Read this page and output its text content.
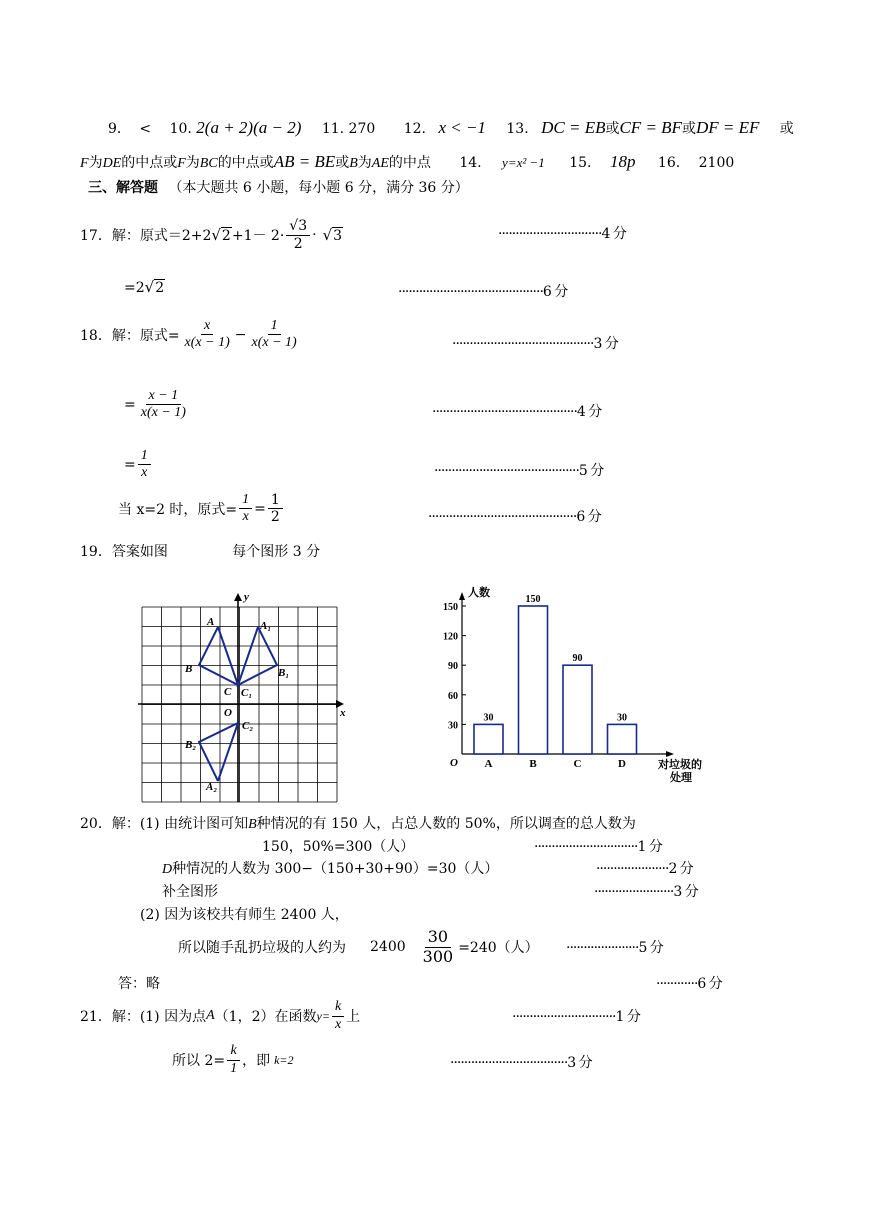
9． < 10. 2(a + 2)(a − 2) 11. 270 12. x < −1 13. DC = EB或CF = BF或DF = EF 或
F为DE的中点或F为BC的中点或AB = BE或B为AE的中点 14. y=x² −1 15. 18p 16. 2100
三、解答题 （本大题共 6 小题，每小题 6 分，满分 36 分）
17．解：原式＝2+2 √ $2 +1- 2\cdot \frac{√3}{2}$ · √ 3	······························4 分
=2√2	··········································6 分
18．解：原式= $\frac{x}{x(x - 1)} - \frac{1}{x(x - 1)}$	·········································3 分
= $\frac{x - 1}{x(x - 1)}$	··········································4 分
= $\frac{1}{x}$	··········································5 分
当 x=2 时，原式= $\frac{1}{x} = \frac{1}{2}$	···········································6 分
19．答案如图	每个图形 3 分
y
x
O
A
B
C
A₁
B₁
C₁
A₂
B₂
C₂
人数
O
30
60
90
120
150
30
A
150
B
90
C
30
D	对垃圾的
处理
20．解：(1) 由统计图可知B种情况的有 150 人，占总人数的 50%，所以调查的总人数为
150，50%=300（人）	······························1 分
D种情况的人数为 300−（150+30+90）=30（人）	·····················2 分
补全图形	·······················3 分
(2) 因为该校共有师生 2400 人，
所以随手乱扔垃圾的人约为 $2400 \frac{30}{300} =240$（人） ·····················5 分
答：略	············6 分
21．解：(1) 因为点 A （1，2）在函数 $y= \frac{k}{x}$ 上	······························1 分
所以 $2= \frac{k}{1}$ ，即 k=2	··································3 分
